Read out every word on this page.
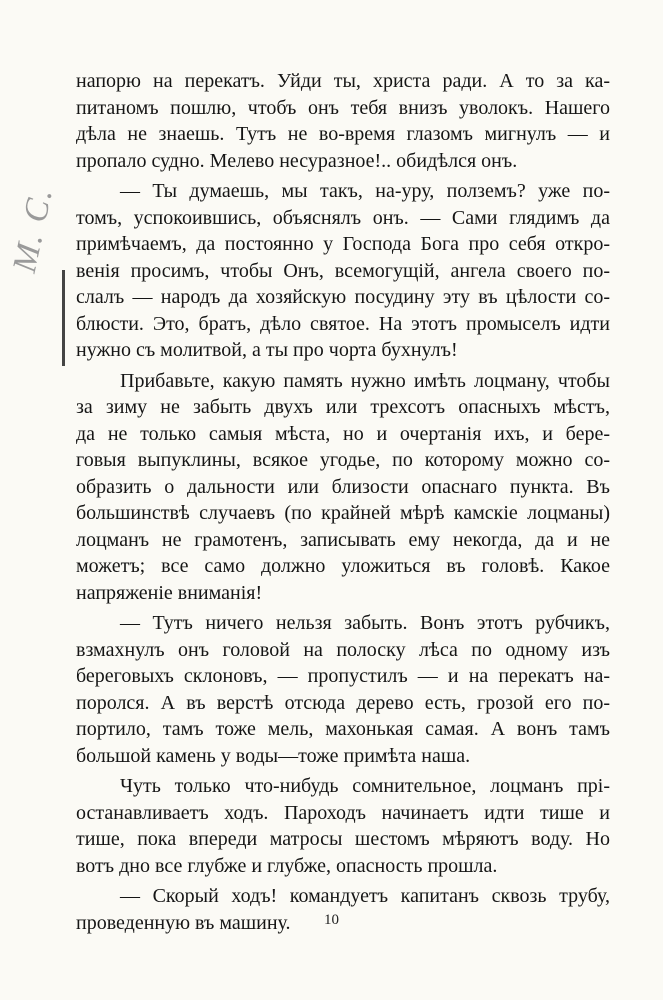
М. С.
напорю на перекатъ. Уйди ты, христа ради. А то за ка-
питаномъ пошлю, чтобъ онъ тебя внизъ уволокъ. Нашего
дѣла не знаешь. Тутъ не во-время глазомъ мигнулъ — и
пропало судно. Мелево несуразное!.. обидѣлся онъ.
— Ты думаешь, мы такъ, на-уру, полземъ? уже по-
томъ, успокоившись, объяснялъ онъ. — Сами глядимъ да
примѣчаемъ, да постоянно у Господа Бога про себя откро-
венія просимъ, чтобы Онъ, всемогущій, ангела своего по-
слалъ — народъ да хозяйскую посудину эту въ цѣлости со-
блюсти. Это, братъ, дѣло святое. На этотъ промыселъ идти
нужно съ молитвой, а ты про чорта бухнулъ!
Прибавьте, какую память нужно имѣть лоцману, чтобы
за зиму не забыть двухъ или трехсотъ опасныхъ мѣстъ,
да не только самыя мѣста, но и очертанія ихъ, и бере-
говыя выпуклины, всякое угодье, по которому можно со-
образить о дальности или близости опаснаго пункта. Въ
большинствѣ случаевъ (по крайней мѣрѣ камскіе лоцманы)
лоцманъ не грамотенъ, записывать ему некогда, да и не
можетъ; все само должно уложиться въ головѣ. Какое
напряженіе вниманія!
— Тутъ ничего нельзя забыть. Вонъ этотъ рубчикъ,
взмахнулъ онъ головой на полоску лѣса по одному изъ
береговыхъ склоновъ, — пропустилъ — и на перекатъ на-
поролся. А въ верстѣ отсюда дерево есть, грозой его по-
портило, тамъ тоже мель, махонькая самая. А вонъ тамъ
большой камень у воды—тоже примѣта наша.
Чуть только что-нибудь сомнительное, лоцманъ прі-
останавливаетъ ходъ. Пароходъ начинаетъ идти тише и
тише, пока впереди матросы шестомъ мѣряютъ воду. Но
вотъ дно все глубже и глубже, опасность прошла.
— Скорый ходъ! командуетъ капитанъ сквозь трубу,
проведенную въ машину.	10
